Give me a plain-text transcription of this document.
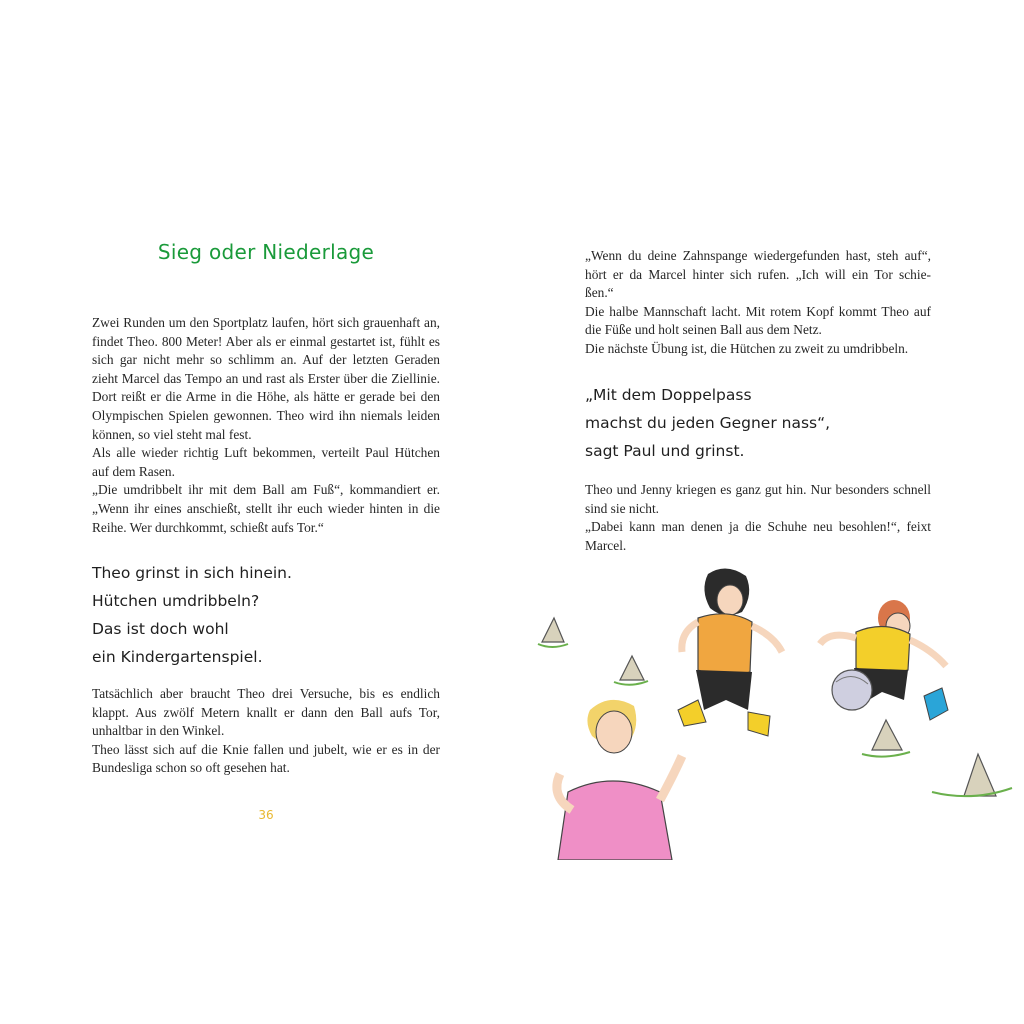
Sieg oder Niederlage

Zwei Runden um den Sportplatz laufen, hört sich grauenhaft an, findet Theo. 800 Meter! Aber als er einmal gestartet ist, fühlt es sich gar nicht mehr so schlimm an. Auf der letzten Geraden zieht Marcel das Tempo an und rast als Erster über die Ziellinie. Dort reißt er die Arme in die Höhe, als hätte er gerade bei den Olympischen Spielen gewonnen. Theo wird ihn niemals leiden können, so viel steht mal fest.

Als alle wieder richtig Luft bekommen, verteilt Paul Hütchen auf dem Rasen.

„Die umdribbelt ihr mit dem Ball am Fuß“, kommandiert er. „Wenn ihr eines anschießt, stellt ihr euch wieder hinten in die Reihe. Wer durchkommt, schießt aufs Tor.“

Theo grinst in sich hinein.

Hütchen umdribbeln?

Das ist doch wohl

ein Kindergartenspiel.

Tatsächlich aber braucht Theo drei Versuche, bis es endlich klappt. Aus zwölf Metern knallt er dann den Ball aufs Tor, unhaltbar in den Winkel.

Theo lässt sich auf die Knie fallen und jubelt, wie er es in der Bundesliga schon so oft gesehen hat.

36

„Wenn du deine Zahnspange wiedergefunden hast, steh auf“, hört er da Marcel hinter sich rufen. „Ich will ein Tor schie- ßen.“

Die halbe Mannschaft lacht. Mit rotem Kopf kommt Theo auf die Füße und holt seinen Ball aus dem Netz.

Die nächste Übung ist, die Hütchen zu zweit zu umdribbeln.

„Mit dem Doppelpass

machst du jeden Gegner nass“,

sagt Paul und grinst.

Theo und Jenny kriegen es ganz gut hin. Nur besonders schnell sind sie nicht.

„Dabei kann man denen ja die Schuhe neu besohlen!“, feixt Marcel.
